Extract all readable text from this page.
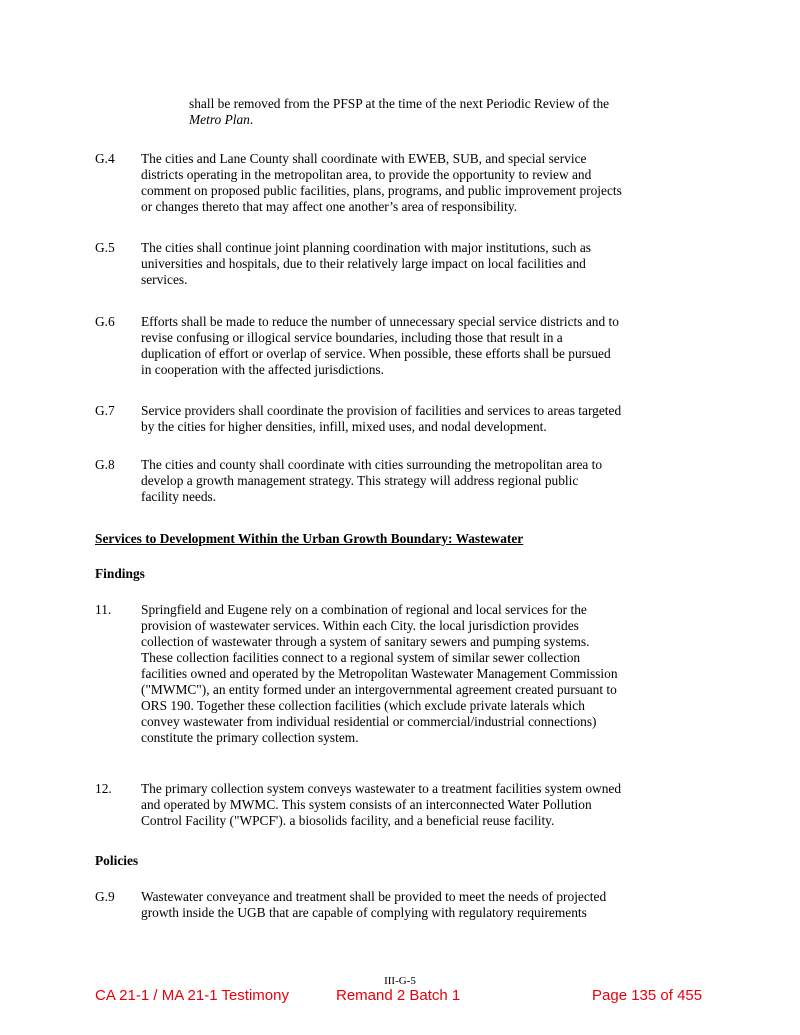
shall be removed from the PFSP at the time of the next Periodic Review of the
Metro Plan.
G.4	The cities and Lane County shall coordinate with EWEB, SUB, and special service
districts operating in the metropolitan area, to provide the opportunity to review and
comment on proposed public facilities, plans, programs, and public improvement projects
or changes thereto that may affect one another’s area of responsibility.
G.5	The cities shall continue joint planning coordination with major institutions, such as
universities and hospitals, due to their relatively large impact on local facilities and
services.
G.6	Efforts shall be made to reduce the number of unnecessary special service districts and to
revise confusing or illogical service boundaries, including those that result in a
duplication of effort or overlap of service. When possible, these efforts shall be pursued
in cooperation with the affected jurisdictions.
G.7	Service providers shall coordinate the provision of facilities and services to areas targeted
by the cities for higher densities, infill, mixed uses, and nodal development.
G.8	The cities and county shall coordinate with cities surrounding the metropolitan area to
develop a growth management strategy. This strategy will address regional public
facility needs.
Services to Development Within the Urban Growth Boundary: Wastewater
Findings
11.	Springfield and Eugene rely on a combination of regional and local services for the
provision of wastewater services. Within each City. the local jurisdiction provides
collection of wastewater through a system of sanitary sewers and pumping systems.
These collection facilities connect to a regional system of similar sewer collection
facilities owned and operated by the Metropolitan Wastewater Management Commission
("MWMC"), an entity formed under an intergovernmental agreement created pursuant to
ORS 190. Together these collection facilities (which exclude private laterals which
convey wastewater from individual residential or commercial/industrial connections)
constitute the primary collection system.
12.	The primary collection system conveys wastewater to a treatment facilities system owned
and operated by MWMC. This system consists of an interconnected Water Pollution
Control Facility ("WPCF'). a biosolids facility, and a beneficial reuse facility.
Policies
G.9	Wastewater conveyance and treatment shall be provided to meet the needs of projected
growth inside the UGB that are capable of complying with regulatory requirements
III-G-5
CA 21-1 / MA 21-1 Testimony	Remand 2 Batch 1	Page 135 of 455
